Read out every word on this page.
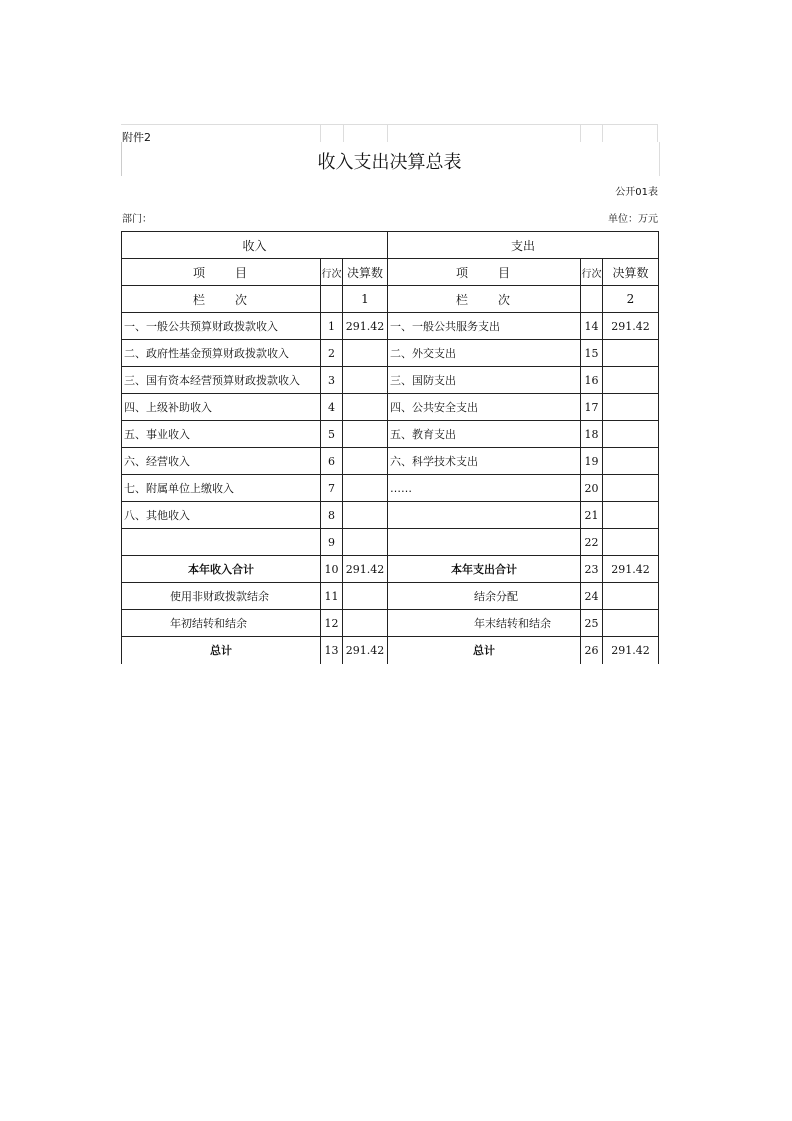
附件2
收入支出决算总表
公开01表
部门：	单位：万元
收入			支出		
项目	行次	决算数	项目	行次	决算数
栏次		1	栏次		2
一、一般公共预算财政拨款收入	1	291.42	一、一般公共服务支出	14	291.42
二、政府性基金预算财政拨款收入	2		二、外交支出	15	
三、国有资本经营预算财政拨款收入	3		三、国防支出	16	
四、上级补助收入	4		四、公共安全支出	17	
五、事业收入	5		五、教育支出	18	
六、经营收入	6		六、科学技术支出	19	
七、附属单位上缴收入	7		……	20	
八、其他收入	8			21	
	9			22	
本年收入合计	10	291.42	本年支出合计	23	291.42
使用非财政拨款结余	11		结余分配	24	
年初结转和结余	12		年末结转和结余	25	
总计	13	291.42	总计	26	291.42
